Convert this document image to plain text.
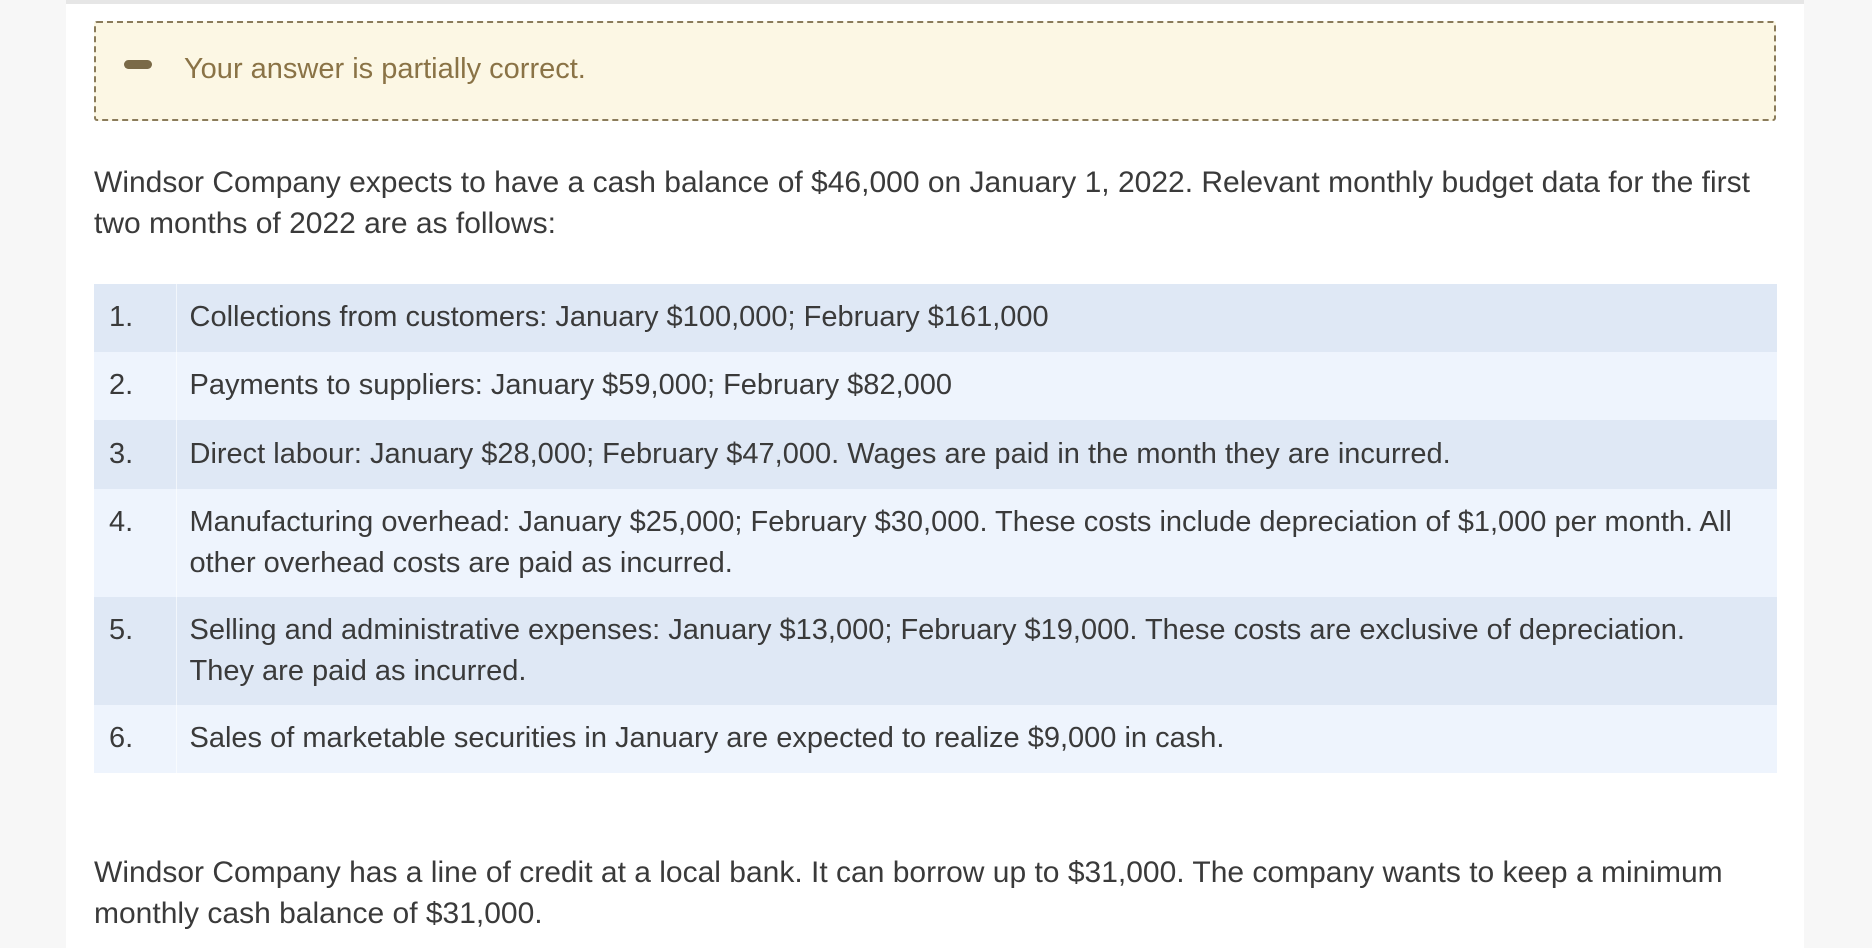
Your answer is partially correct.
Windsor Company expects to have a cash balance of $46,000 on January 1, 2022. Relevant monthly budget data for the first two months of 2022 are as follows:
1.	Collections from customers: January $100,000; February $161,000
2.	Payments to suppliers: January $59,000; February $82,000
3.	Direct labour: January $28,000; February $47,000. Wages are paid in the month they are incurred.
4.	Manufacturing overhead: January $25,000; February $30,000. These costs include depreciation of $1,000 per month. All other overhead costs are paid as incurred.
5.	Selling and administrative expenses: January $13,000; February $19,000. These costs are exclusive of depreciation. They are paid as incurred.
6.	Sales of marketable securities in January are expected to realize $9,000 in cash.
Windsor Company has a line of credit at a local bank. It can borrow up to $31,000. The company wants to keep a minimum monthly cash balance of $31,000.
